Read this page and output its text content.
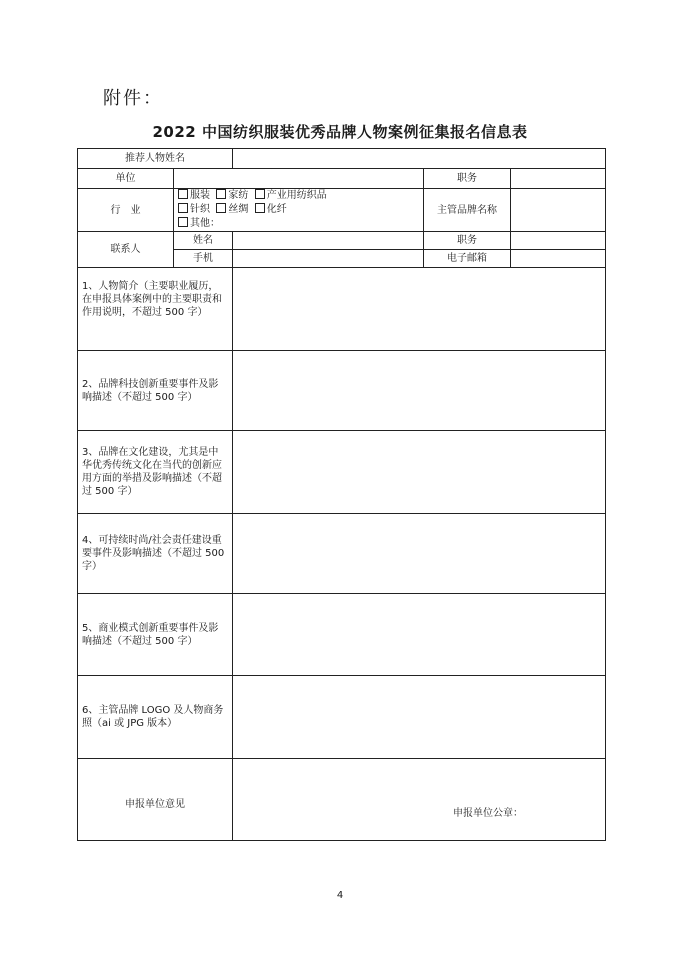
附件：
2022 中国纺织服装优秀品牌人物案例征集报名信息表
推荐人物姓名				
单位			职务	
行　业	服装 家纺 产业用纺织品
针织 丝绸 化纤
其他：		主管品牌名称	
联系人	姓名		职务	
	手机		电子邮箱	
1、人物简介（主要职业履历，在申报具体案例中的主要职责和作用说明，不超过 500 字）				
2、品牌科技创新重要事件及影响描述（不超过 500 字）				
3、品牌在文化建设，尤其是中华优秀传统文化在当代的创新应用方面的举措及影响描述（不超过 500 字）				
4、可持续时尚/社会责任建设重要事件及影响描述（不超过 500 字）				
5、商业模式创新重要事件及影响描述（不超过 500 字）				
6、主管品牌 LOGO 及人物商务照（ai 或 JPG 版本）				
申报单位意见		申报单位公章：		
4
